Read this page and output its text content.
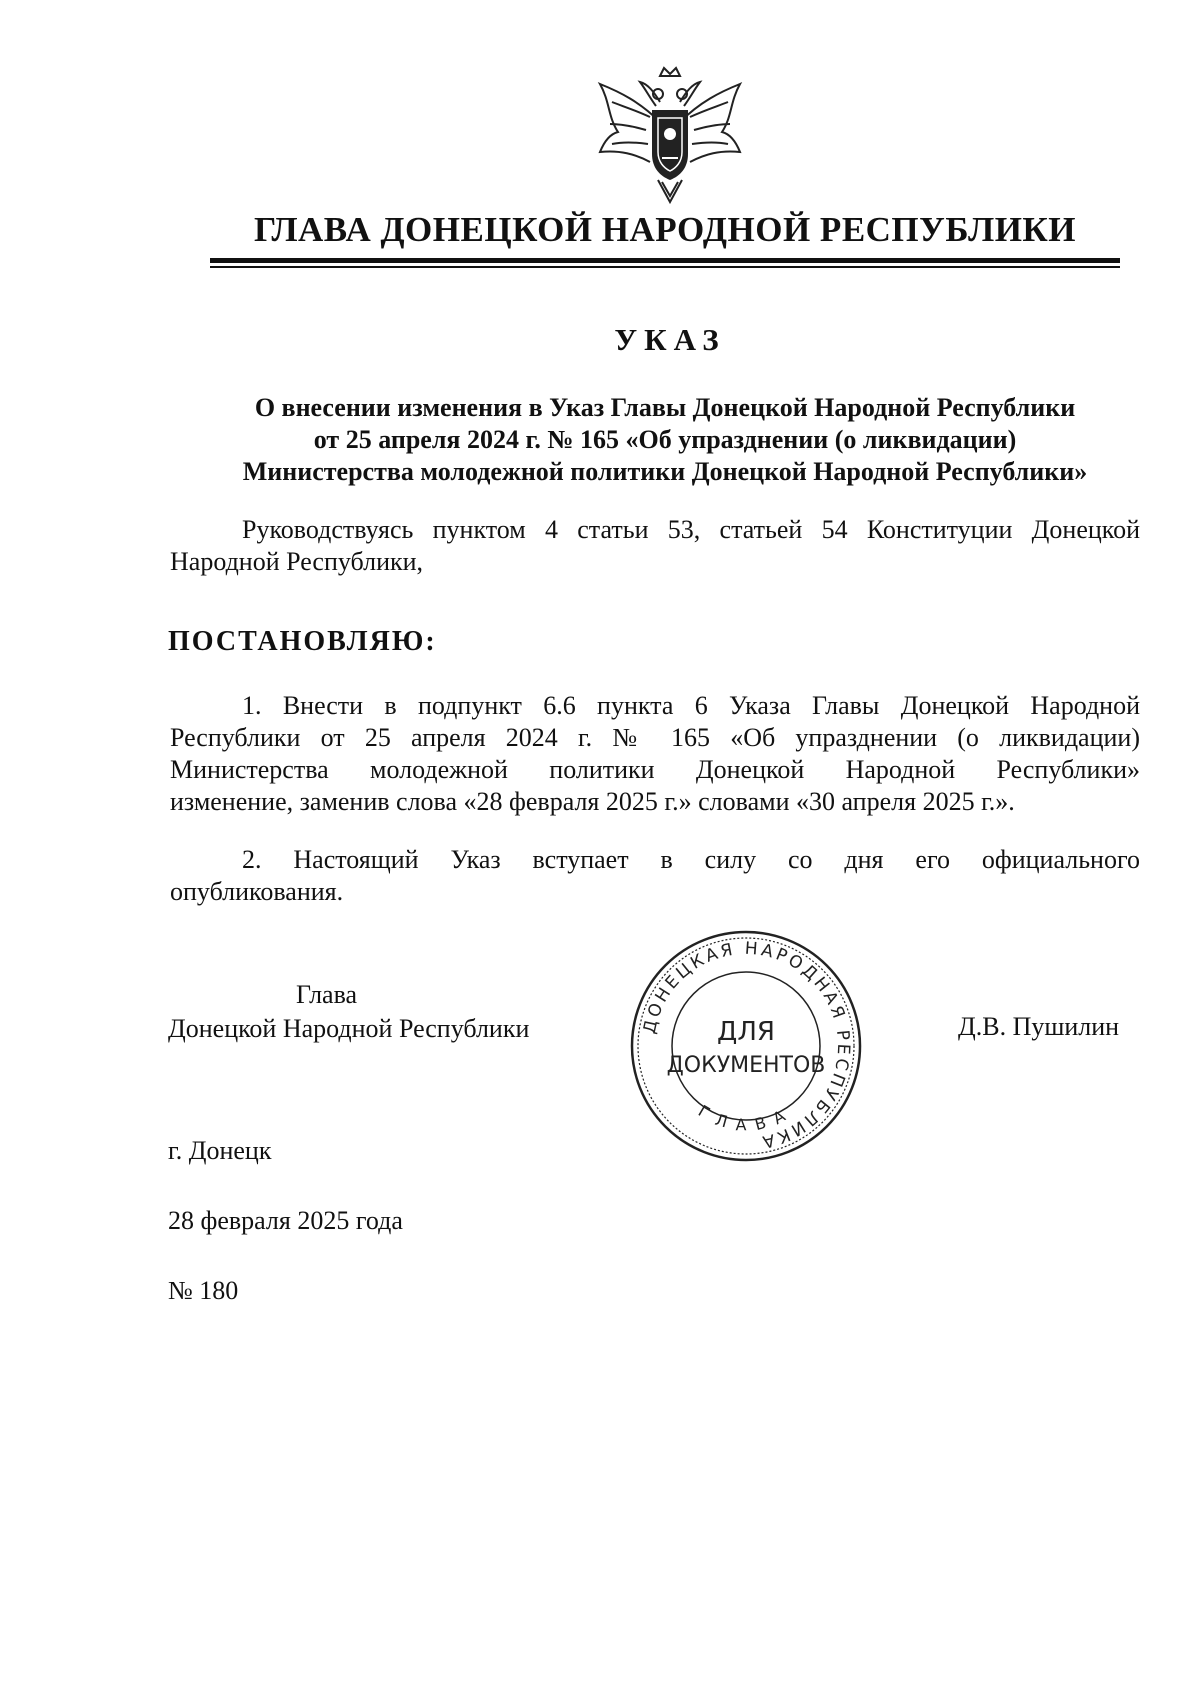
ГЛАВА ДОНЕЦКОЙ НАРОДНОЙ РЕСПУБЛИКИ
УКАЗ
О внесении изменения в Указ Главы Донецкой Народной Республики
от 25 апреля 2024 г. № 165 «Об упразднении (о ликвидации)
Министерства молодежной политики Донецкой Народной Республики»
Руководствуясь пунктом 4 статьи 53, статьей 54 Конституции Донецкой
Народной Республики,
ПОСТАНОВЛЯЮ:
1. Внести в подпункт 6.6 пункта 6 Указа Главы Донецкой Народной
Республики от 25 апреля 2024 г. № 165 «Об упразднении (о ликвидации)
Министерства молодежной политики Донецкой Народной Республики»
изменение, заменив слова «28 февраля 2025 г.» словами «30 апреля 2025 г.».
2. Настоящий Указ вступает в силу со дня его официального
опубликования.
Глава
Донецкой Народной Республики	ДОНЕЦКАЯ НАРОДНАЯ РЕСПУБЛИКА
ГЛАВА
ДЛЯ
ДОКУМЕНТОВ
Д.В. Пушилин
г. Донецк
28 февраля 2025 года
№ 180
